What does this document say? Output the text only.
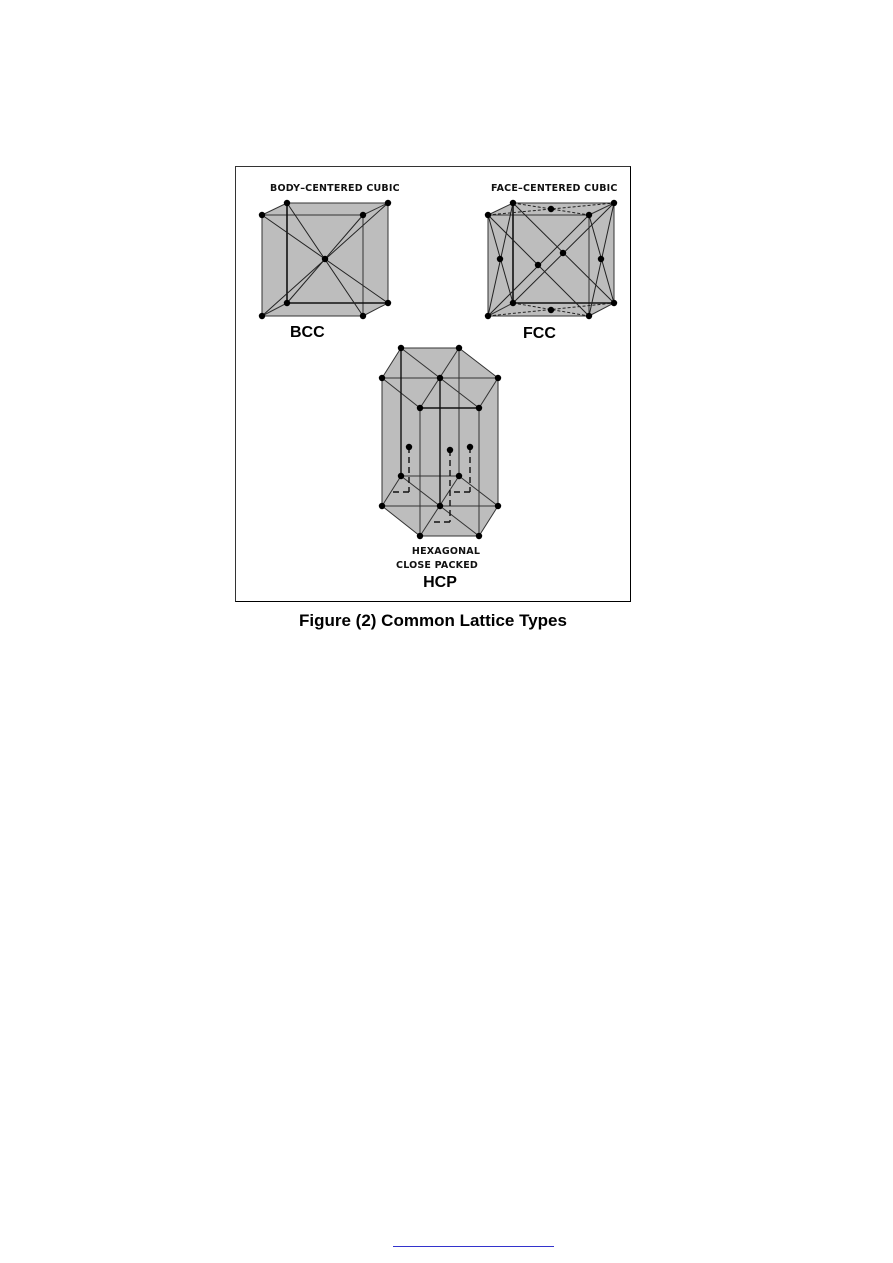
BODY–CENTERED CUBIC
BCC
FACE–CENTERED CUBIC
FCC
HEXAGONAL
CLOSE PACKED
HCP
Figure (2) Common Lattice Types
